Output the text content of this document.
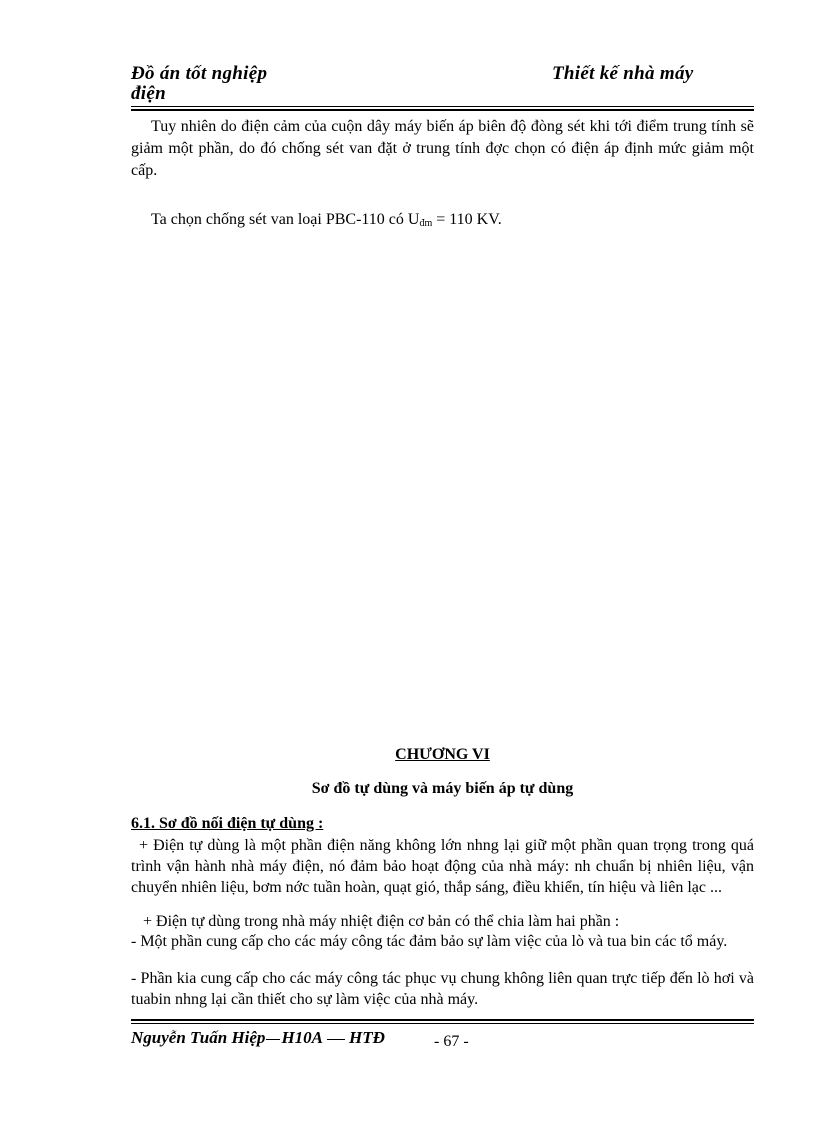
Đồ án tốt nghiệp
điện
Thiết kế nhà máy

Tuy nhiên do điện cảm của cuộn dây máy biến áp biên độ đòng sét khi tới điểm trung tính sẽ giảm một phần, do đó chống sét van đặt ở trung tính đợc chọn có điện áp định mức giảm một cấp.

Ta chọn chống sét van loại PBC-110 có $U_{đm} = 110$ KV.

CHƯƠNG VI
Sơ đồ tự dùng và máy biến áp tự dùng
6.1. Sơ đồ nối điện tự dùng :

+ Điện tự dùng là một phần điện năng không lớn nhng lại giữ một phần quan trọng trong quá trình vận hành nhà máy điện, nó đảm bảo hoạt động của nhà máy: nh chuẩn bị nhiên liệu, vận chuyển nhiên liệu, bơm nớc tuần hoàn, quạt gió, thắp sáng, điều khiển, tín hiệu và liên lạc ...

+ Điện tự dùng trong nhà máy nhiệt điện cơ bản có thể chia làm hai phần :

- Một phần cung cấp cho các máy công tác đảm bảo sự làm việc của lò và tua bin các tổ máy.

- Phần kia cung cấp cho các máy công tác phục vụ chung không liên quan trực tiếp đến lò hơi và tuabin nhng lại cần thiết cho sự làm việc của nhà máy.

Nguyễn Tuấn Hiệp H10A HTĐ	- 67 -
